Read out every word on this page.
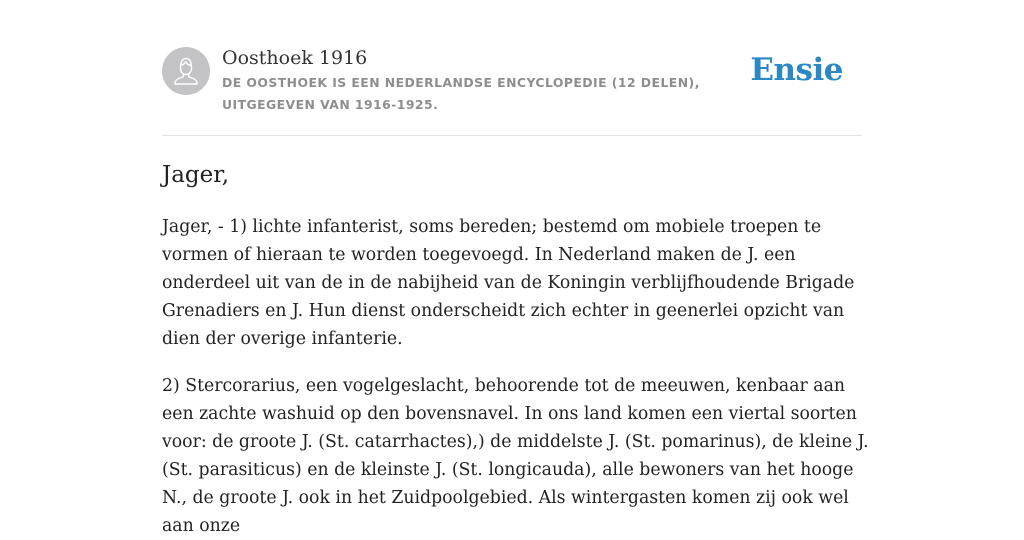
Oosthoek 1916
DE OOSTHOEK IS EEN NEDERLANDSE ENCYCLOPEDIE (12 DELEN), UITGEGEVEN VAN 1916-1925.
Ensie
Jager,

Jager, - 1) lichte infanterist, soms bereden; bestemd om mobiele troepen te vormen of hieraan te worden toegevoegd. In Nederland maken de J. een onderdeel uit van de in de nabijheid van de Koningin verblijfhoudende Brigade Grenadiers en J. Hun dienst onderscheidt zich echter in geenerlei opzicht van dien der overige infanterie.

2) Stercorarius, een vogelgeslacht, behoorende tot de meeuwen, kenbaar aan een zachte washuid op den bovensnavel. In ons land komen een viertal soorten voor: de groote J. (St. catarrhactes),) de middelste J. (St. pomarinus), de kleine J. (St. parasiticus) en de kleinste J. (St. longicauda), alle bewoners van het hooge N., de groote J. ook in het Zuidpoolgebied. Als wintergasten komen zij ook wel aan onze
